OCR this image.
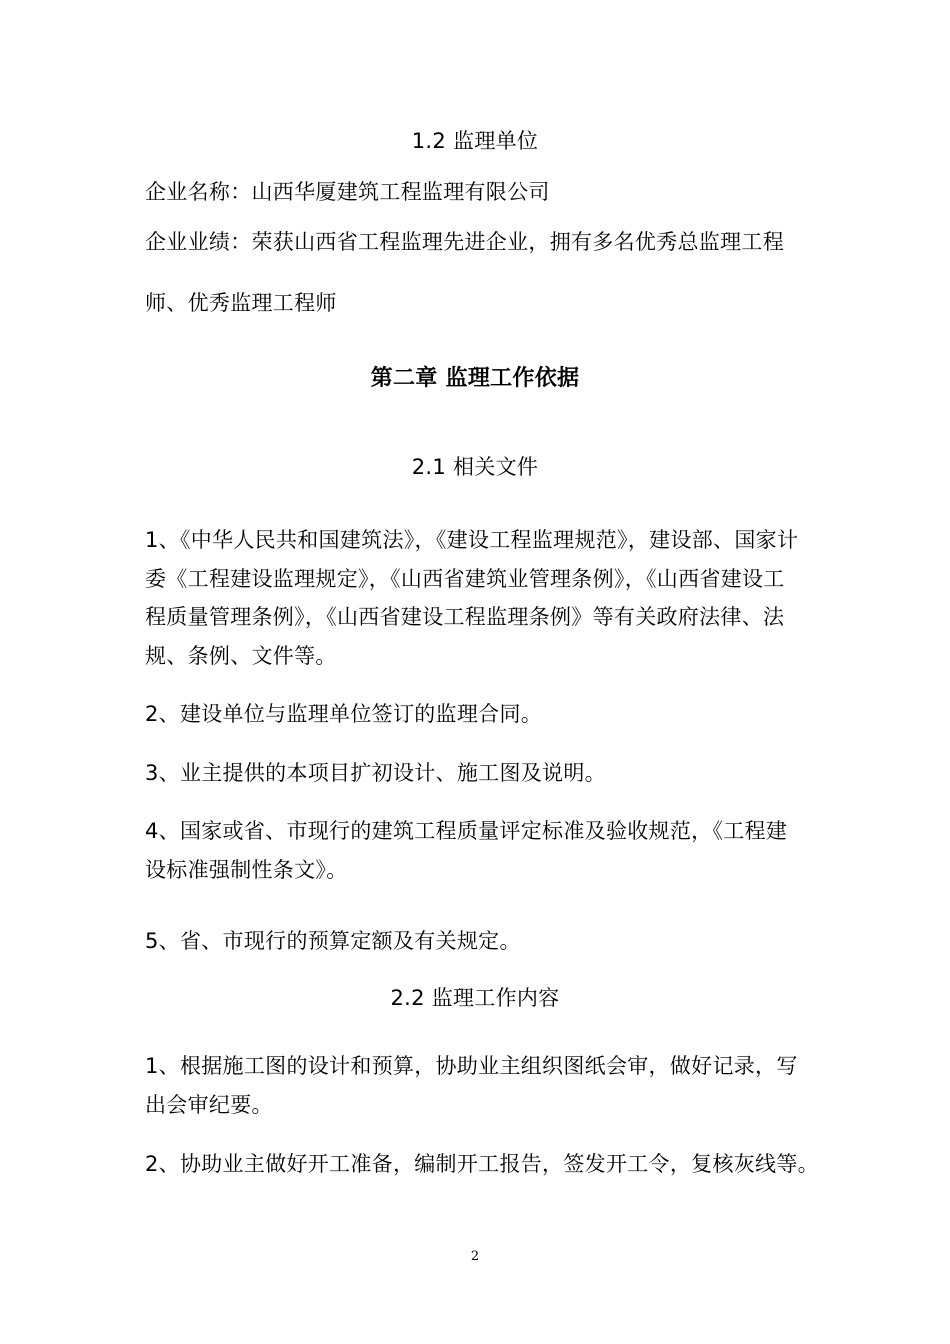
1.2 监理单位
企业名称：山西华厦建筑工程监理有限公司
企业业绩：荣获山西省工程监理先进企业，拥有多名优秀总监理工程
师、优秀监理工程师
第二章 监理工作依据
2.1 相关文件
1、《中华人民共和国建筑法》，《建设工程监理规范》，建设部、国家计
委《工程建设监理规定》，《山西省建筑业管理条例》，《山西省建设工
程质量管理条例》，《山西省建设工程监理条例》等有关政府法律、法
规、条例、文件等。
2、建设单位与监理单位签订的监理合同。
3、业主提供的本项目扩初设计、施工图及说明。
4、国家或省、市现行的建筑工程质量评定标准及验收规范，《工程建
设标准强制性条文》。
5、省、市现行的预算定额及有关规定。
2.2 监理工作内容
1、根据施工图的设计和预算，协助业主组织图纸会审，做好记录，写
出会审纪要。
2、协助业主做好开工准备，编制开工报告，签发开工令，复核灰线等。
2
